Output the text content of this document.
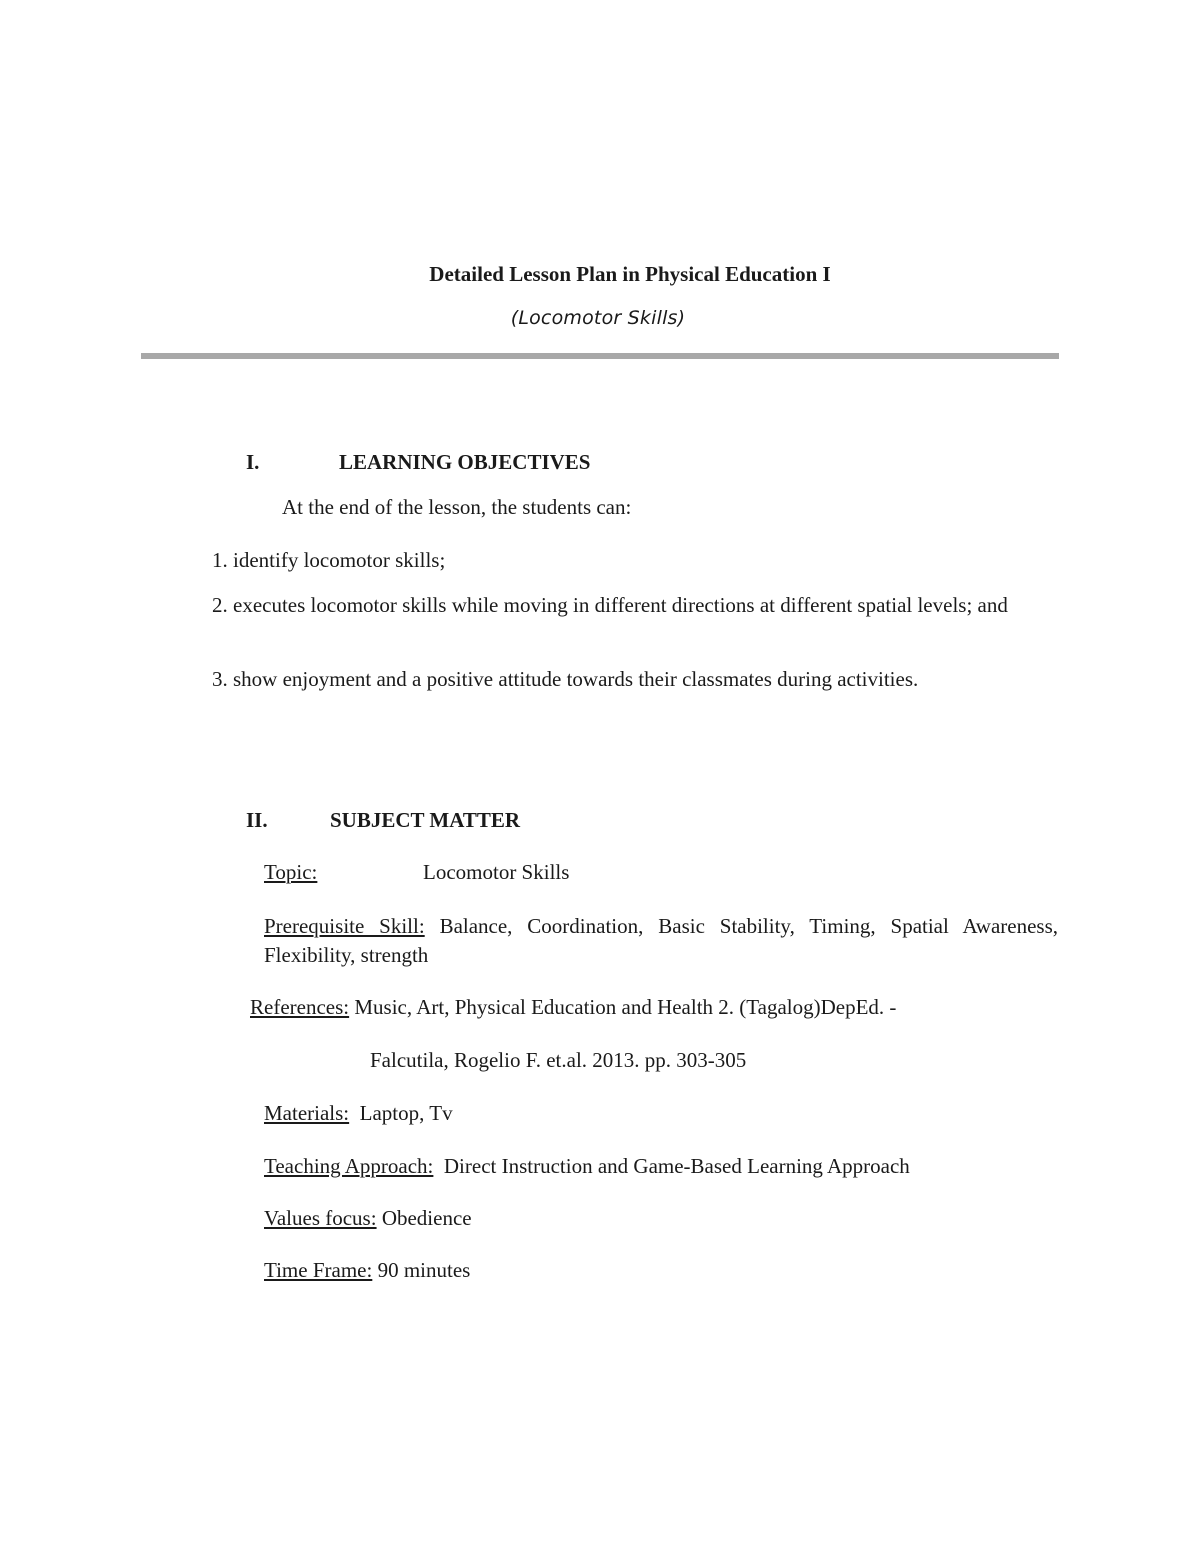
Detailed Lesson Plan in Physical Education I
(Locomotor Skills)
I.	LEARNING OBJECTIVES
At the end of the lesson, the students can:
1. identify locomotor skills;
2. executes locomotor skills while moving in different directions at different spatial levels; and
3. show enjoyment and a positive attitude towards their classmates during activities.
II.	SUBJECT MATTER
Topic:	Locomotor Skills
Prerequisite Skill: Balance, Coordination, Basic Stability, Timing, Spatial Awareness, Flexibility, strength
References: Music, Art, Physical Education and Health 2. (Tagalog)DepEd. -
Falcutila, Rogelio F. et.al. 2013. pp. 303-305
Materials: Laptop, Tv
Teaching Approach: Direct Instruction and Game-Based Learning Approach
Values focus: Obedience
Time Frame: 90 minutes
